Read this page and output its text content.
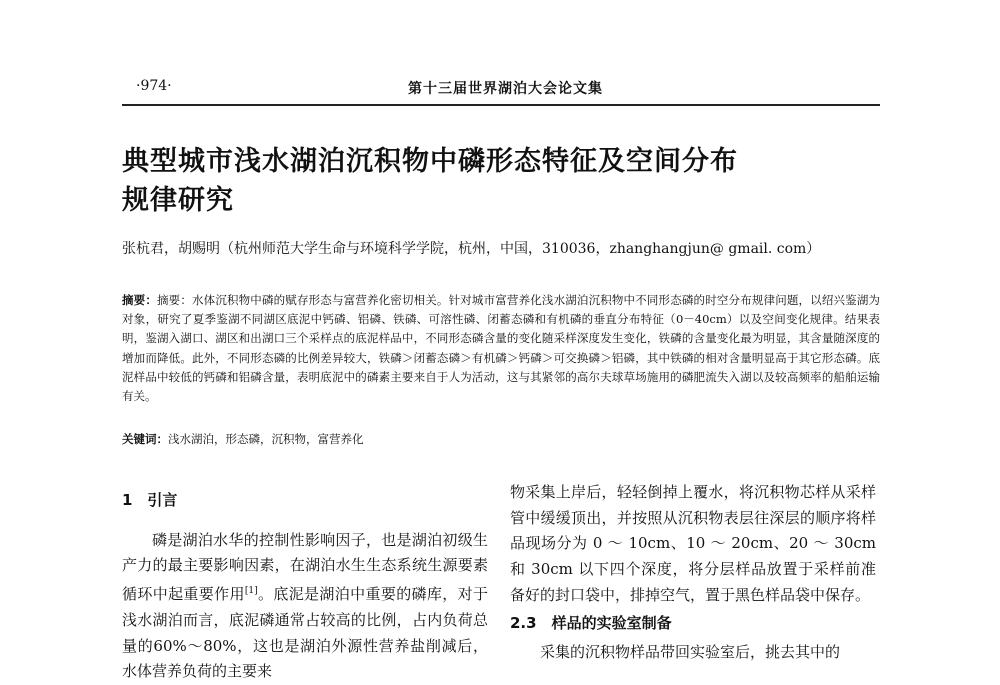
·974·	第十三届世界湖泊大会论文集
典型城市浅水湖泊沉积物中磷形态特征及空间分布
规律研究
张杭君，胡赐明（杭州师范大学生命与环境科学学院，杭州，中国，310036，zhanghangjun@ gmail. com）

摘要：摘要：水体沉积物中磷的赋存形态与富营养化密切相关。针对城市富营养化浅水湖泊沉积物中不同形态磷的时空分布规律问题，以绍兴鉴湖为对象，研究了夏季鉴湖不同湖区底泥中钙磷、铝磷、铁磷、可溶性磷、闭蓄态磷和有机磷的垂直分布特征（0－40cm）以及空间变化规律。结果表明，鉴湖入湖口、湖区和出湖口三个采样点的底泥样品中，不同形态磷含量的变化随采样深度发生变化，铁磷的含量变化最为明显，其含量随深度的增加而降低。此外，不同形态磷的比例差异较大，铁磷＞闭蓄态磷＞有机磷＞钙磷＞可交换磷＞铝磷，其中铁磷的相对含量明显高于其它形态磷。底泥样品中较低的钙磷和铝磷含量，表明底泥中的磷素主要来自于人为活动，这与其紧邻的高尔夫球草场施用的磷肥流失入湖以及较高频率的船舶运输有关。

关键词：浅水湖泊，形态磷，沉积物，富营养化
1　引言

磷是湖泊水华的控制性影响因子，也是湖泊初级生产力的最主要影响因素，在湖泊水生生态系统生源要素循环中起重要作用[1]。底泥是湖泊中重要的磷库，对于浅水湖泊而言，底泥磷通常占较高的比例，占内负荷总量的60%～80%，这也是湖泊外源性营养盐削减后，水体营养负荷的主要来

物采集上岸后，轻轻倒掉上覆水，将沉积物芯样从采样管中缓缓顶出，并按照从沉积物表层往深层的顺序将样品现场分为 0 ～ 10cm、10 ～ 20cm、20 ～ 30cm 和 30cm 以下四个深度，将分层样品放置于采样前准备好的封口袋中，排掉空气，置于黑色样品袋中保存。

2.3　样品的实验室制备

采集的沉积物样品带回实验室后，挑去其中的
